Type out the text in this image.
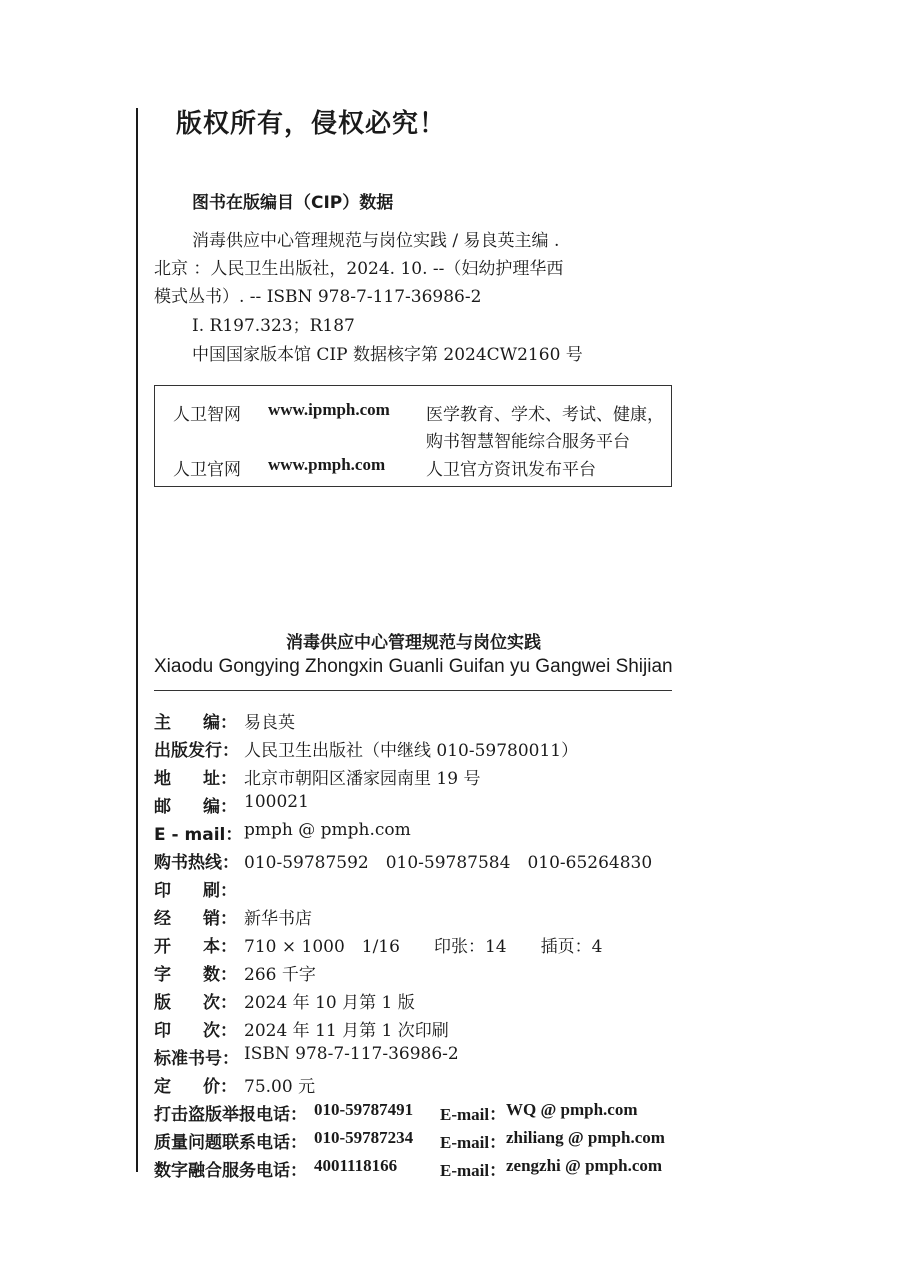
版权所有，侵权必究！
图书在版编目（CIP）数据
消毒供应中心管理规范与岗位实践 / 易良英主编 .
北京 ：人民卫生出版社，2024. 10. --（妇幼护理华西
模式丛书）. -- ISBN 978-7-117-36986-2
Ⅰ. R197.323；R187
中国国家版本馆 CIP 数据核字第 2024CW2160 号
人卫智网 www.ipmph.com 医学教育、学术、考试、健康，
购书智慧智能综合服务平台
人卫官网 www.pmph.com 人卫官方资讯发布平台
消毒供应中心管理规范与岗位实践
Xiaodu Gongying Zhongxin Guanli Guifan yu Gangwei Shijian
主编： 易良英
出版发行： 人民卫生出版社（中继线 010-59780011）
地址： 北京市朝阳区潘家园南里 19 号
邮编： 100021
E - mail： pmph @ pmph.com
购书热线： 010-59787592　010-59787584　010-65264830
印刷：
经销： 新华书店
开本： 710 × 1000　1/16　　印张：14　　插页：4
字数： 266 千字
版次： 2024 年 10 月第 1 版
印次： 2024 年 11 月第 1 次印刷
标准书号： ISBN 978-7-117-36986-2
定价： 75.00 元
打击盗版举报电话： 010-59787491 E-mail： WQ @ pmph.com
质量问题联系电话： 010-59787234 E-mail： zhiliang @ pmph.com
数字融合服务电话： 4001118166	E-mail： zengzhi @ pmph.com
